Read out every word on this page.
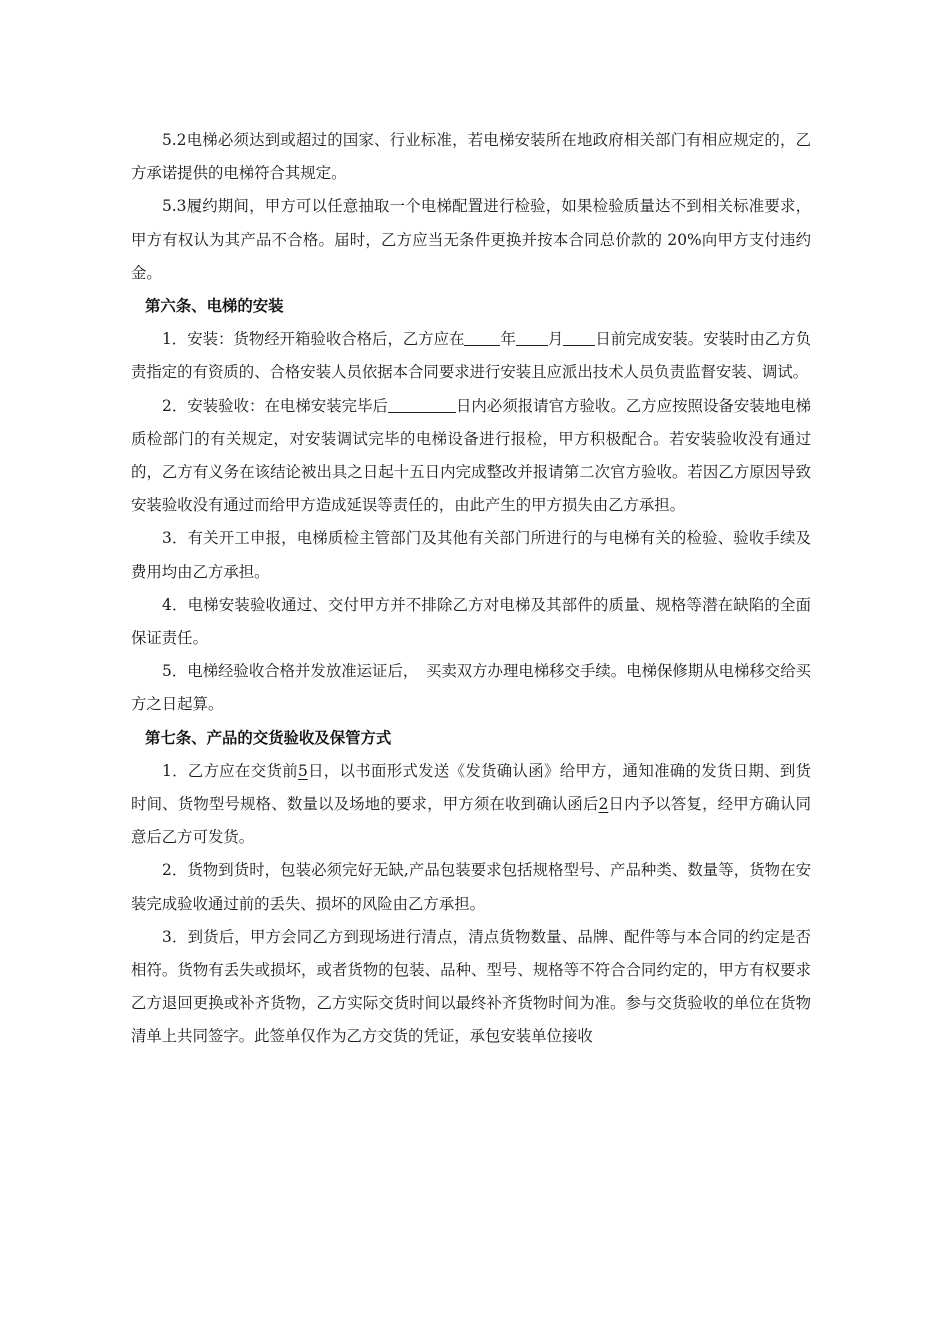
5.2电梯必须达到或超过的国家、行业标准，若电梯安装所在地政府相关部门有相应规定的，乙方承诺提供的电梯符合其规定。

5.3履约期间，甲方可以任意抽取一个电梯配置进行检验，如果检验质量达不到相关标准要求，甲方有权认为其产品不合格。届时，乙方应当无条件更换并按本合同总价款的 20%向甲方支付违约金。

第六条、电梯的安装

1．安装：货物经开箱验收合格后，乙方应在 年 月 日前完成安装。安装时由乙方负责指定的有资质的、合格安装人员依据本合同要求进行安装且应派出技术人员负责监督安装、调试。

2．安装验收：在电梯安装完毕后	日内必须报请官方验收。乙方应按照设备安装地电梯质检部门的有关规定，对安装调试完毕的电梯设备进行报检，甲方积极配合。若安装验收没有通过的，乙方有义务在该结论被出具之日起十五日内完成整改并报请第二次官方验收。若因乙方原因导致安装验收没有通过而给甲方造成延误等责任的，由此产生的甲方损失由乙方承担。

3．有关开工申报，电梯质检主管部门及其他有关部门所进行的与电梯有关的检验、验收手续及费用均由乙方承担。

4．电梯安装验收通过、交付甲方并不排除乙方对电梯及其部件的质量、规格等潜在缺陷的全面保证责任。

5．电梯经验收合格并发放准运证后，　买卖双方办理电梯移交手续。电梯保修期从电梯移交给买方之日起算。

第七条、产品的交货验收及保管方式

1．乙方应在交货前5日，以书面形式发送《发货确认函》给甲方，通知准确的发货日期、到货时间、货物型号规格、数量以及场地的要求，甲方须在收到确认函后2日内予以答复，经甲方确认同意后乙方可发货。

2．货物到货时，包装必须完好无缺,产品包装要求包括规格型号、产品种类、数量等，货物在安装完成验收通过前的丢失、损坏的风险由乙方承担。

3．到货后，甲方会同乙方到现场进行清点，清点货物数量、品牌、配件等与本合同的约定是否相符。货物有丢失或损坏，或者货物的包装、品种、型号、规格等不符合合同约定的，甲方有权要求乙方退回更换或补齐货物，乙方实际交货时间以最终补齐货物时间为准。参与交货验收的单位在货物清单上共同签字。此签单仅作为乙方交货的凭证，承包安装单位接收
